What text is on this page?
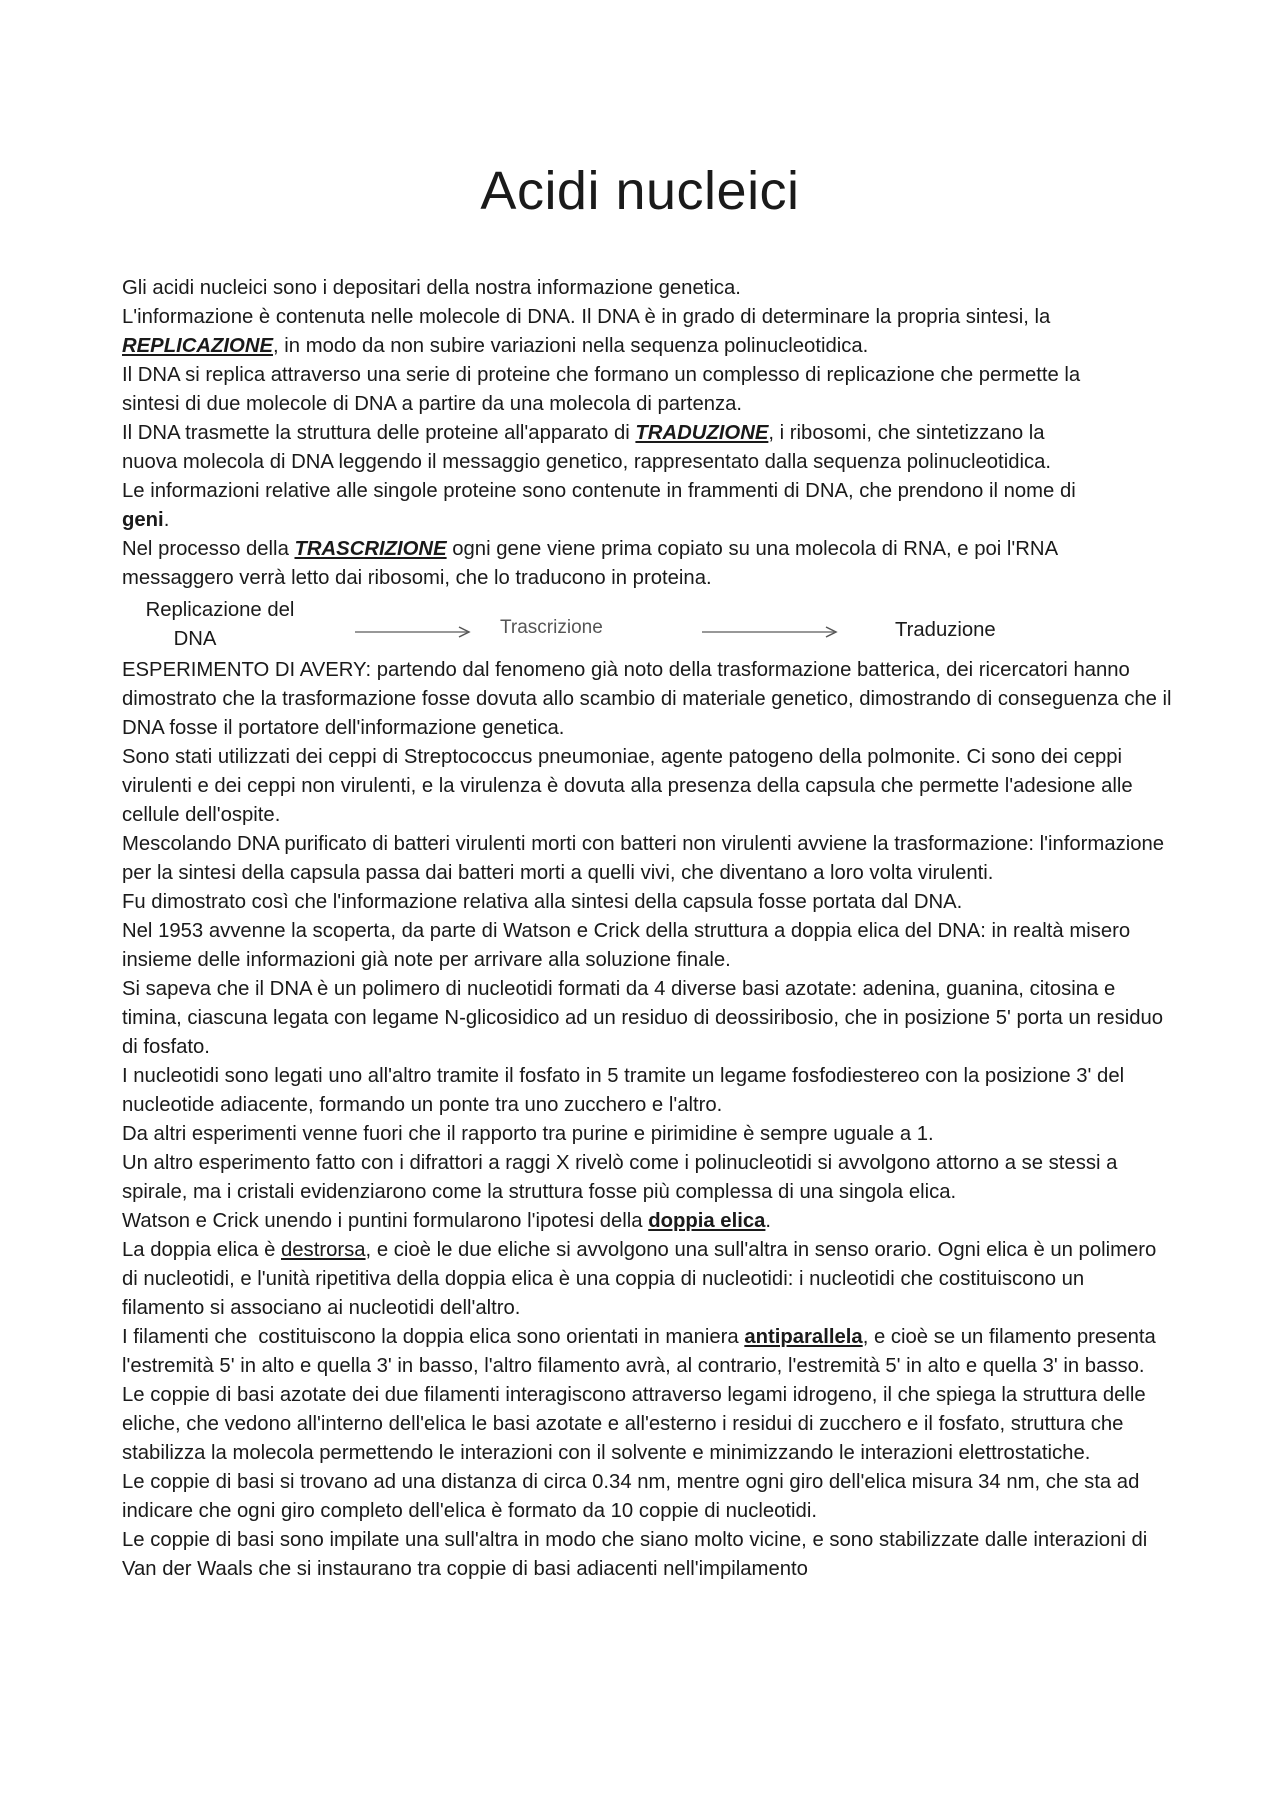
Acidi nucleici

Gli acidi nucleici sono i depositari della nostra informazione genetica.

L'informazione è contenuta nelle molecole di DNA. Il DNA è in grado di determinare la propria sintesi, la

REPLICAZIONE, in modo da non subire variazioni nella sequenza polinucleotidica.

Il DNA si replica attraverso una serie di proteine che formano un complesso di replicazione che permette la

sintesi di due molecole di DNA a partire da una molecola di partenza.

Il DNA trasmette la struttura delle proteine all'apparato di TRADUZIONE, i ribosomi, che sintetizzano la

nuova molecola di DNA leggendo il messaggio genetico, rappresentato dalla sequenza polinucleotidica.

Le informazioni relative alle singole proteine sono contenute in frammenti di DNA, che prendono il nome di

geni.

Nel processo della TRASCRIZIONE ogni gene viene prima copiato su una molecola di RNA, e poi l'RNA

messaggero verrà letto dai ribosomi, che lo traducono in proteina.

Replicazione del
DNA
Trascrizione	Traduzione

ESPERIMENTO DI AVERY: partendo dal fenomeno già noto della trasformazione batterica, dei ricercatori hanno dimostrato che la trasformazione fosse dovuta allo scambio di materiale genetico, dimostrando di conseguenza che il DNA fosse il portatore dell'informazione genetica.

Sono stati utilizzati dei ceppi di Streptococcus pneumoniae, agente patogeno della polmonite. Ci sono dei ceppi virulenti e dei ceppi non virulenti, e la virulenza è dovuta alla presenza della capsula che permette l'adesione alle cellule dell'ospite.

Mescolando DNA purificato di batteri virulenti morti con batteri non virulenti avviene la trasformazione: l'informazione per la sintesi della capsula passa dai batteri morti a quelli vivi, che diventano a loro volta virulenti.

Fu dimostrato così che l'informazione relativa alla sintesi della capsula fosse portata dal DNA.

Nel 1953 avvenne la scoperta, da parte di Watson e Crick della struttura a doppia elica del DNA: in realtà misero insieme delle informazioni già note per arrivare alla soluzione finale.

Si sapeva che il DNA è un polimero di nucleotidi formati da 4 diverse basi azotate: adenina, guanina, citosina e timina, ciascuna legata con legame N-glicosidico ad un residuo di deossiribosio, che in posizione 5' porta un residuo di fosfato.

I nucleotidi sono legati uno all'altro tramite il fosfato in 5 tramite un legame fosfodiestereo con la posizione 3' del nucleotide adiacente, formando un ponte tra uno zucchero e l'altro.

Da altri esperimenti venne fuori che il rapporto tra purine e pirimidine è sempre uguale a 1.

Un altro esperimento fatto con i difrattori a raggi X rivelò come i polinucleotidi si avvolgono attorno a se stessi a spirale, ma i cristali evidenziarono come la struttura fosse più complessa di una singola elica.

Watson e Crick unendo i puntini formularono l'ipotesi della doppia elica.

La doppia elica è destrorsa, e cioè le due eliche si avvolgono una sull'altra in senso orario. Ogni elica è un polimero di nucleotidi, e l'unità ripetitiva della doppia elica è una coppia di nucleotidi: i nucleotidi che costituiscono un filamento si associano ai nucleotidi dell'altro.

I filamenti che  costituiscono la doppia elica sono orientati in maniera antiparallela, e cioè se un filamento presenta l'estremità 5' in alto e quella 3' in basso, l'altro filamento avrà, al contrario, l'estremità 5' in alto e quella 3' in basso.

Le coppie di basi azotate dei due filamenti interagiscono attraverso legami idrogeno, il che spiega la struttura delle eliche, che vedono all'interno dell'elica le basi azotate e all'esterno i residui di zucchero e il fosfato, struttura che stabilizza la molecola permettendo le interazioni con il solvente e minimizzando le interazioni elettrostatiche.

Le coppie di basi si trovano ad una distanza di circa 0.34 nm, mentre ogni giro dell'elica misura 34 nm, che sta ad indicare che ogni giro completo dell'elica è formato da 10 coppie di nucleotidi.

Le coppie di basi sono impilate una sull'altra in modo che siano molto vicine, e sono stabilizzate dalle interazioni di Van der Waals che si instaurano tra coppie di basi adiacenti nell'impilamento
